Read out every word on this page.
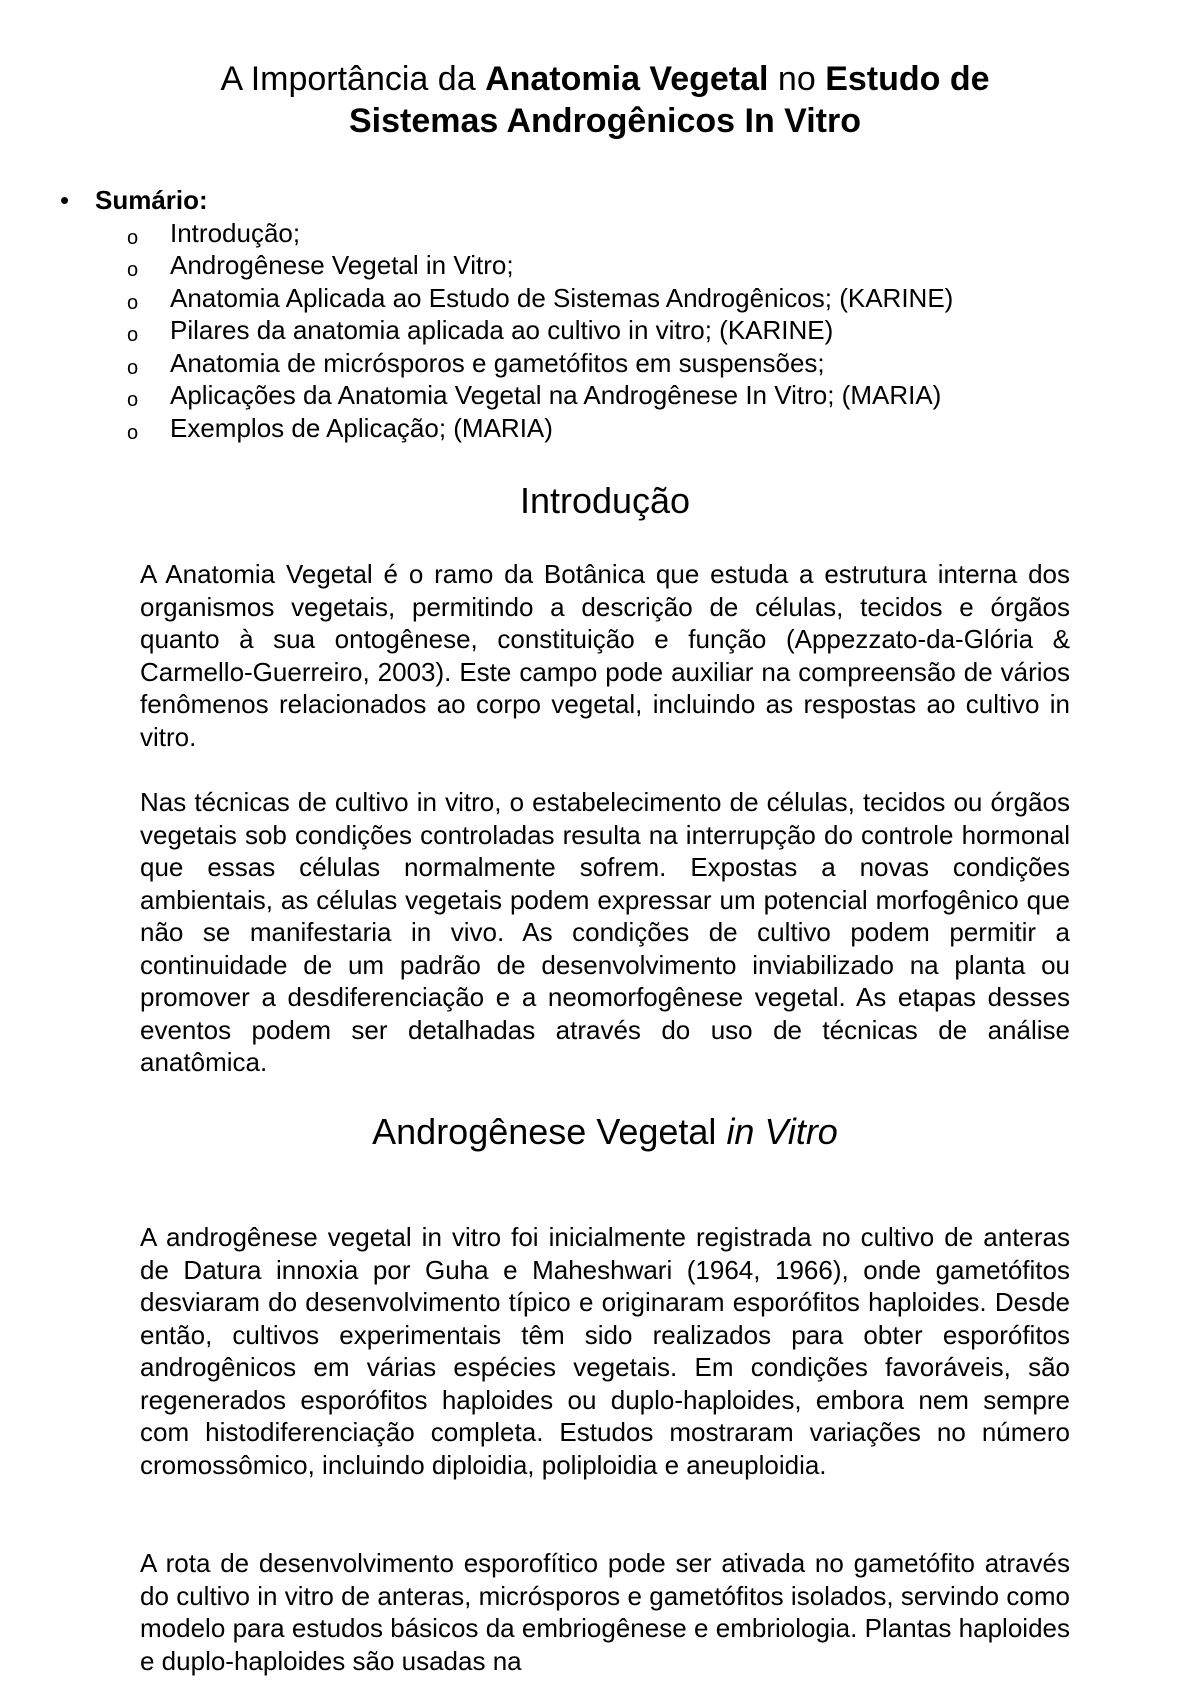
A Importância da Anatomia Vegetal no Estudo de
Sistemas Androgênicos In Vitro

• Sumário:

o Introdução;
o Androgênese Vegetal in Vitro;
o Anatomia Aplicada ao Estudo de Sistemas Androgênicos; (KARINE)
o Pilares da anatomia aplicada ao cultivo in vitro; (KARINE)
o Anatomia de micrósporos e gametófitos em suspensões;
o Aplicações da Anatomia Vegetal na Androgênese In Vitro; (MARIA)
o Exemplos de Aplicação; (MARIA)
Introdução

A Anatomia Vegetal é o ramo da Botânica que estuda a estrutura interna dos organismos vegetais, permitindo a descrição de células, tecidos e órgãos quanto à sua ontogênese, constituição e função (Appezzato-da-Glória & Carmello-Guerreiro, 2003). Este campo pode auxiliar na compreensão de vários fenômenos relacionados ao corpo vegetal, incluindo as respostas ao cultivo in vitro.

Nas técnicas de cultivo in vitro, o estabelecimento de células, tecidos ou órgãos vegetais sob condições controladas resulta na interrupção do controle hormonal que essas células normalmente sofrem. Expostas a novas condições ambientais, as células vegetais podem expressar um potencial morfogênico que não se manifestaria in vivo. As condições de cultivo podem permitir a continuidade de um padrão de desenvolvimento inviabilizado na planta ou promover a desdiferenciação e a neomorfogênese vegetal. As etapas desses eventos podem ser detalhadas através do uso de técnicas de análise anatômica.

Androgênese Vegetal in Vitro

A androgênese vegetal in vitro foi inicialmente registrada no cultivo de anteras de Datura innoxia por Guha e Maheshwari (1964, 1966), onde gametófitos desviaram do desenvolvimento típico e originaram esporófitos haploides. Desde então, cultivos experimentais têm sido realizados para obter esporófitos androgênicos em várias espécies vegetais. Em condições favoráveis, são regenerados esporófitos haploides ou duplo-haploides, embora nem sempre com histodiferenciação completa. Estudos mostraram variações no número cromossômico, incluindo diploidia, poliploidia e aneuploidia.

A rota de desenvolvimento esporofítico pode ser ativada no gametófito através do cultivo in vitro de anteras, micrósporos e gametófitos isolados, servindo como modelo para estudos básicos da embriogênese e embriologia. Plantas haploides e duplo-haploides são usadas na
